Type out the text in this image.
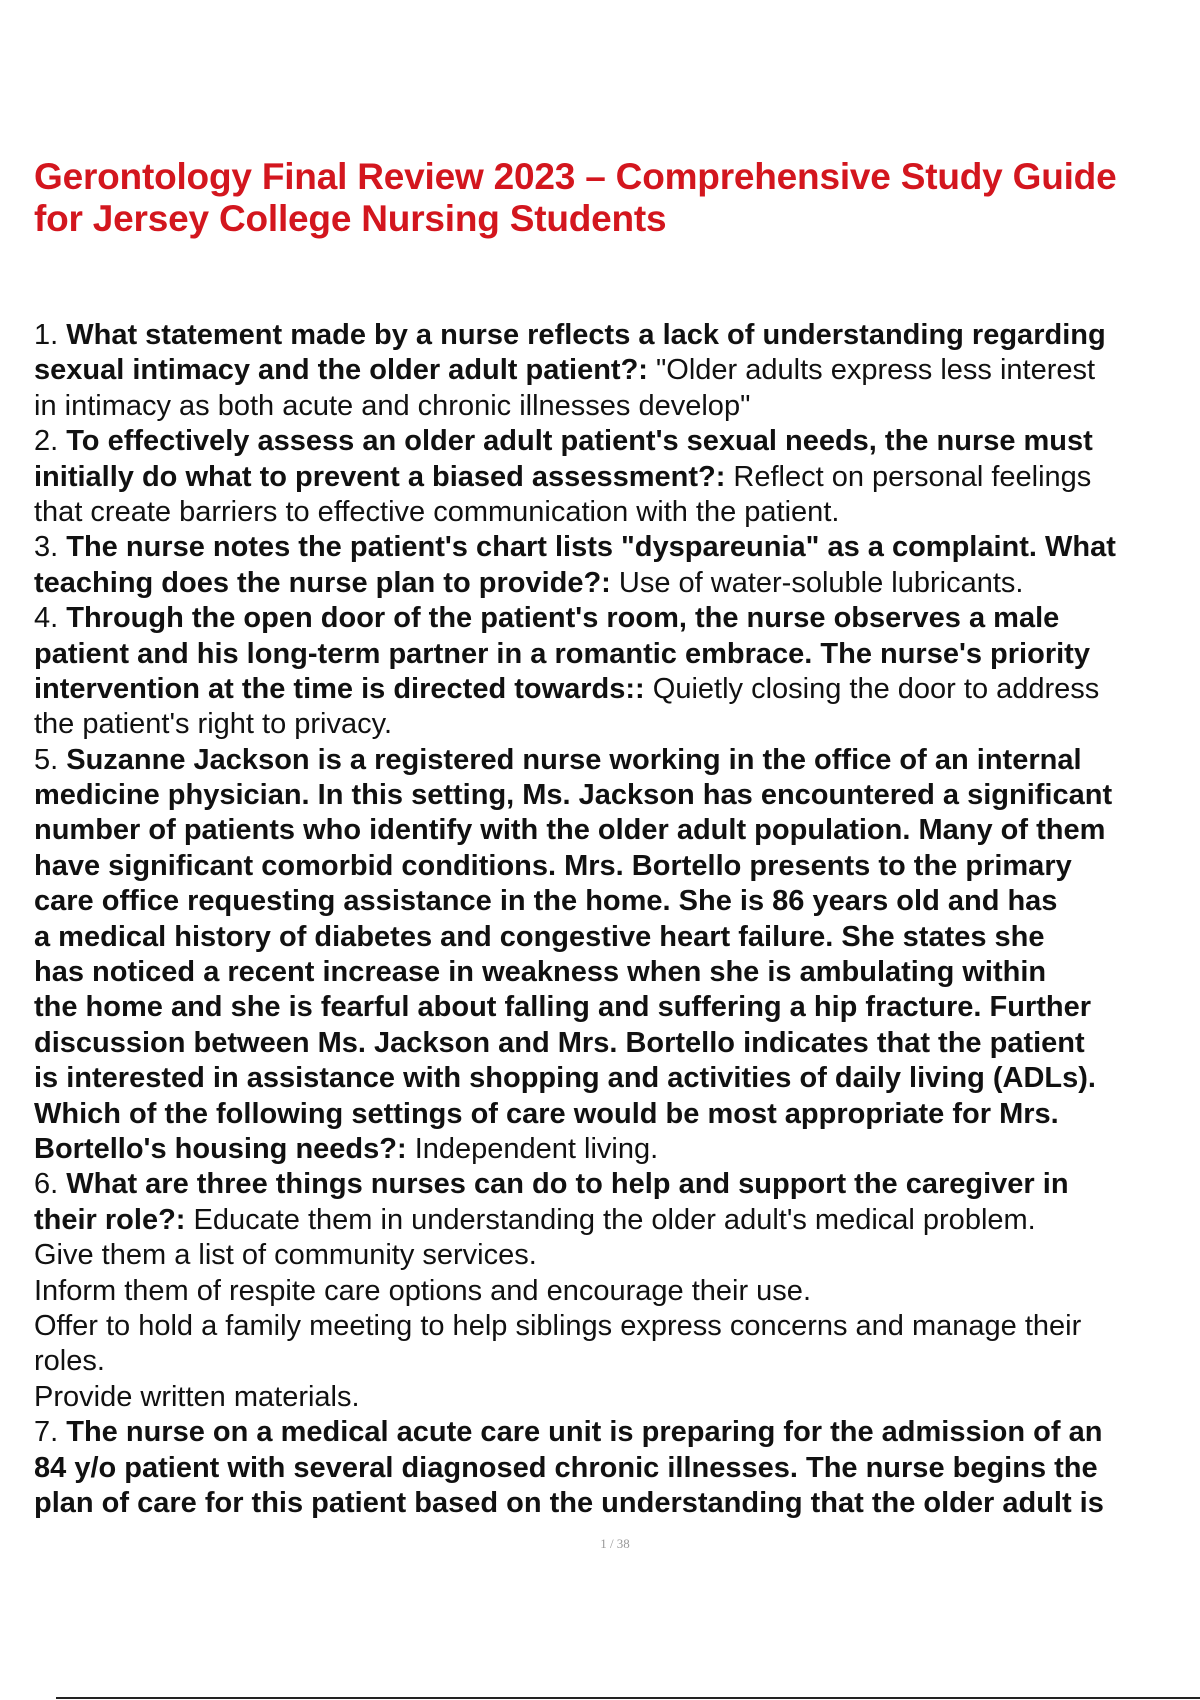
Gerontology Final Review 2023 – Comprehensive Study Guide
for Jersey College Nursing Students
1. What statement made by a nurse reflects a lack of understanding regarding
sexual intimacy and the older adult patient?: "Older adults express less interest
in intimacy as both acute and chronic illnesses develop"
2. To effectively assess an older adult patient's sexual needs, the nurse must
initially do what to prevent a biased assessment?: Reflect on personal feelings
that create barriers to effective communication with the patient.
3. The nurse notes the patient's chart lists "dyspareunia" as a complaint. What
teaching does the nurse plan to provide?: Use of water-soluble lubricants.
4. Through the open door of the patient's room, the nurse observes a male
patient and his long-term partner in a romantic embrace. The nurse's priority
intervention at the time is directed towards:: Quietly closing the door to address
the patient's right to privacy.
5. Suzanne Jackson is a registered nurse working in the office of an internal
medicine physician. In this setting, Ms. Jackson has encountered a significant
number of patients who identify with the older adult population. Many of them
have significant comorbid conditions. Mrs. Bortello presents to the primary
care office requesting assistance in the home. She is 86 years old and has
a medical history of diabetes and congestive heart failure. She states she
has noticed a recent increase in weakness when she is ambulating within
the home and she is fearful about falling and suffering a hip fracture. Further
discussion between Ms. Jackson and Mrs. Bortello indicates that the patient
is interested in assistance with shopping and activities of daily living (ADLs).
Which of the following settings of care would be most appropriate for Mrs.
Bortello's housing needs?: Independent living.
6. What are three things nurses can do to help and support the caregiver in
their role?: Educate them in understanding the older adult's medical problem.
Give them a list of community services.
Inform them of respite care options and encourage their use.
Offer to hold a family meeting to help siblings express concerns and manage their
roles.
Provide written materials.
7. The nurse on a medical acute care unit is preparing for the admission of an
84 y/o patient with several diagnosed chronic illnesses. The nurse begins the
plan of care for this patient based on the understanding that the older adult is
1 / 38
